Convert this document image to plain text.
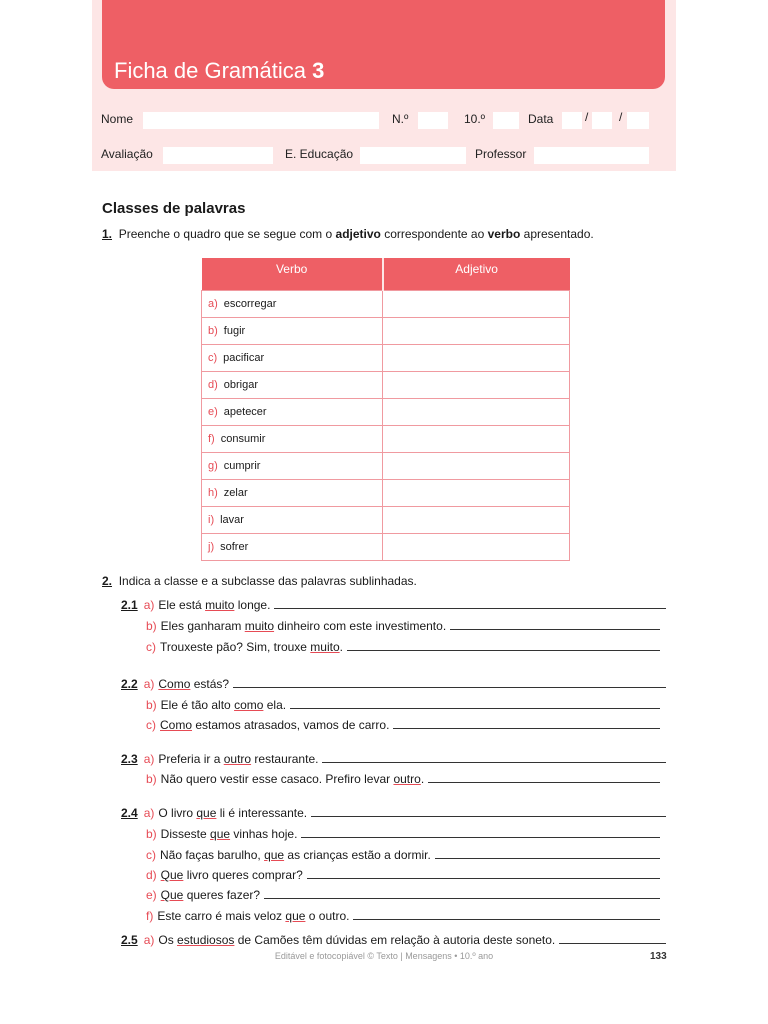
Ficha de Gramática 3
Nome	N.º	10.º	Data	/	/
Avaliação	E. Educação	Professor
Classes de palavras
1. Preenche o quadro que se segue com o adjetivo correspondente ao verbo apresentado.
Verbo	Adjetivo
a) escorregar	
b) fugir	
c) pacificar	
d) obrigar	
e) apetecer	
f) consumir	
g) cumprir	
h) zelar	
i) lavar	
j) sofrer	
2. Indica a classe e a subclasse das palavras sublinhadas.
2.1 a) Ele está muito longe.
b) Eles ganharam muito dinheiro com este investimento.
c) Trouxeste pão? Sim, trouxe muito.
2.2 a) Como estás?
b) Ele é tão alto como ela.
c) Como estamos atrasados, vamos de carro.
2.3 a) Preferia ir a outro restaurante.
b) Não quero vestir esse casaco. Prefiro levar outro.
2.4 a) O livro que li é interessante.
b) Disseste que vinhas hoje.
c) Não faças barulho, que as crianças estão a dormir.
d) Que livro queres comprar?
e) Que queres fazer?
f) Este carro é mais veloz que o outro.
2.5 a) Os estudiosos de Camões têm dúvidas em relação à autoria deste soneto.
Editável e fotocopiável © Texto | Mensagens • 10.º ano	133
